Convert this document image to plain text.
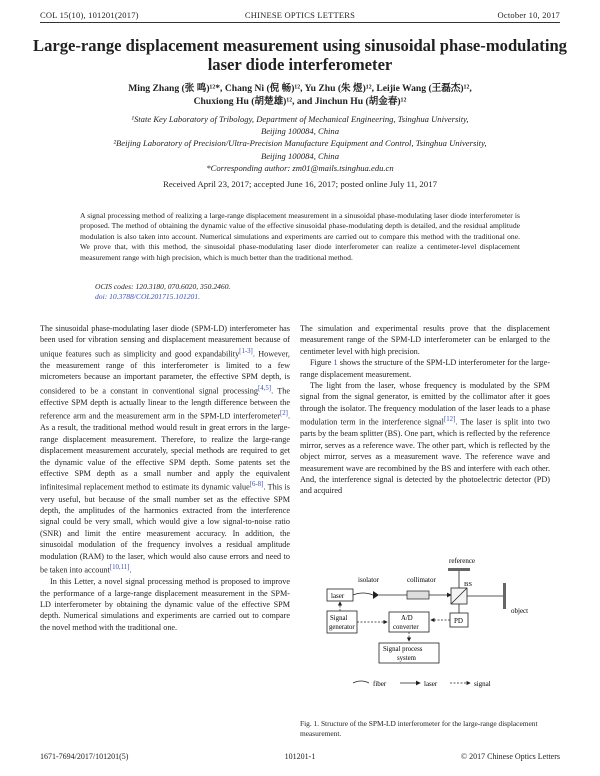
COL 15(10), 101201(2017)	CHINESE OPTICS LETTERS	October 10, 2017
Large-range displacement measurement using sinusoidal phase-modulating laser diode interferometer
Ming Zhang (张 鸣)¹²*, Chang Ni (倪 畅)¹², Yu Zhu (朱 煜)¹², Leijie Wang (王磊杰)¹²,
Chuxiong Hu (胡楚雄)¹², and Jinchun Hu (胡金春)¹²
¹State Key Laboratory of Tribology, Department of Mechanical Engineering, Tsinghua University,
Beijing 100084, China
²Beijing Laboratory of Precision/Ultra-Precision Manufacture Equipment and Control, Tsinghua University,
Beijing 100084, China
*Corresponding author: zm01@mails.tsinghua.edu.cn
Received April 23, 2017; accepted June 16, 2017; posted online July 11, 2017
A signal processing method of realizing a large-range displacement measurement in a sinusoidal phase-modulating laser diode interferometer is proposed. The method of obtaining the dynamic value of the effective sinusoidal phase-modulating depth is detailed, and the residual amplitude modulation is also taken into account. Numerical simulations and experiments are carried out to compare this method with the traditional one. We prove that, with this method, the sinusoidal phase-modulating laser diode interferometer can realize a centimeter-level displacement measurement range with high precision, which is much better than the traditional method.
OCIS codes: 120.3180, 070.6020, 350.2460.
doi: 10.3788/COL201715.101201.

The sinusoidal phase-modulating laser diode (SPM-LD) interferometer has been used for vibration sensing and displacement measurement because of unique features such as simplicity and good expandability[1-3]. However, the measurement range of this interferometer is limited to a few micrometers because an important parameter, the effective SPM depth, is considered to be a constant in conventional signal processing[4,5]. The effective SPM depth is actually linear to the length difference between the reference arm and the measurement arm in the SPM-LD interferometer[2]. As a result, the traditional method would result in great errors in the large-range displacement measurement. Therefore, to realize the large-range displacement measurement accurately, special methods are required to get the dynamic value of the effective SPM depth. Some patents set the effective SPM depth as a small number and apply the equivalent infinitesimal replacement method to estimate its dynamic value[6-8]. This is very useful, but because of the small number set as the effective SPM depth, the amplitudes of the harmonics extracted from the interference signal could be very small, which would give a low signal-to-noise ratio (SNR) and limit the entire measurement accuracy. In addition, the sinusoidal modulation of the frequency involves a residual amplitude modulation (RAM) to the laser, which would also cause errors and need to be taken into account[10,11].

In this Letter, a novel signal processing method is proposed to improve the performance of a large-range displacement measurement in the SPM-LD interferometer by obtaining the dynamic value of the effective SPM depth. Numerical simulations and experiments are carried out to compare the novel method with the traditional one.

The simulation and experimental results prove that the displacement measurement range of the SPM-LD interferometer can be enlarged to the centimeter level with high precision.

Figure 1 shows the structure of the SPM-LD interferometer for the large-range displacement measurement.

The light from the laser, whose frequency is modulated by the SPM signal from the signal generator, is emitted by the collimator after it goes through the isolator. The frequency modulation of the laser leads to a phase modulation term in the interference signal[12]. The laser is split into two parts by the beam splitter (BS). One part, which is reflected by the reference mirror, serves as a reference wave. The other part, which is reflected by the object mirror, serves as a measurement wave. The reference wave and measurement wave are recombined by the BS and interfere with each other. And, the interference signal is detected by the photoelectric detector (PD) and acquired

reference
isolator	collimator
laser
BS
object
PD
Signal
generator
A/D
converter
Signal process
system
fiber	laser	signal
Fig. 1. Structure of the SPM-LD interferometer for the large-range displacement measurement.
1671-7694/2017/101201(5)	101201-1	© 2017 Chinese Optics Letters
